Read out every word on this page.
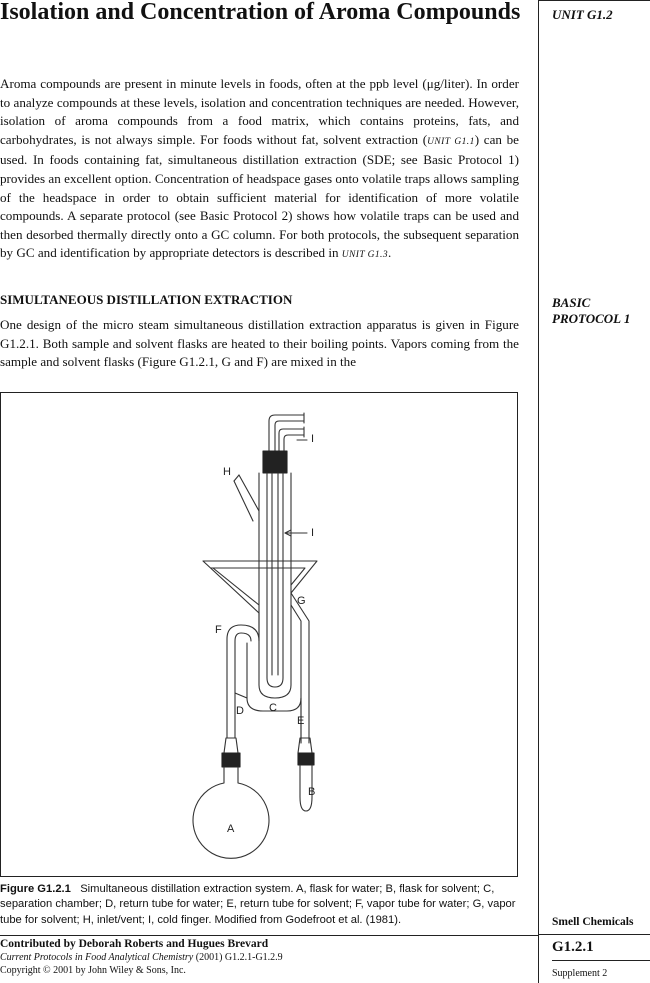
Isolation and Concentration of Aroma Compounds	UNIT G1.2

Aroma compounds are present in minute levels in foods, often at the ppb level (μg/liter). In order to analyze compounds at these levels, isolation and concentration techniques are needed. However, isolation of aroma compounds from a food matrix, which contains proteins, fats, and carbohydrates, is not always simple. For foods without fat, solvent extraction (UNIT G1.1) can be used. In foods containing fat, simultaneous distillation extraction (SDE; see Basic Protocol 1) provides an excellent option. Concentration of headspace gases onto volatile traps allows sampling of the headspace in order to obtain sufficient material for identification of more volatile compounds. A separate protocol (see Basic Protocol 2) shows how volatile traps can be used and then desorbed thermally directly onto a GC column. For both protocols, the subsequent separation by GC and identification by appropriate detectors is described in UNIT G1.3.

SIMULTANEOUS DISTILLATION EXTRACTION	BASIC
PROTOCOL 1

One design of the micro steam simultaneous distillation extraction apparatus is given in Figure G1.2.1. Both sample and solvent flasks are heated to their boiling points. Vapors coming from the sample and solvent flasks (Figure G1.2.1, G and F) are mixed in the

I
H
I
G
F
D C
E
B
A

Figure G1.2.1 Simultaneous distillation extraction system. A, flask for water; B, flask for solvent; C, separation chamber; D, return tube for water; E, return tube for solvent; F, vapor tube for water; G, vapor tube for solvent; H, inlet/vent; I, cold finger. Modified from Godefroot et al. (1981).

Contributed by Deborah Roberts and Hugues Brevard
Current Protocols in Food Analytical Chemistry (2001) G1.2.1-G1.2.9
Copyright © 2001 by John Wiley & Sons, Inc.

Smell Chemicals

G1.2.1

Supplement 2
